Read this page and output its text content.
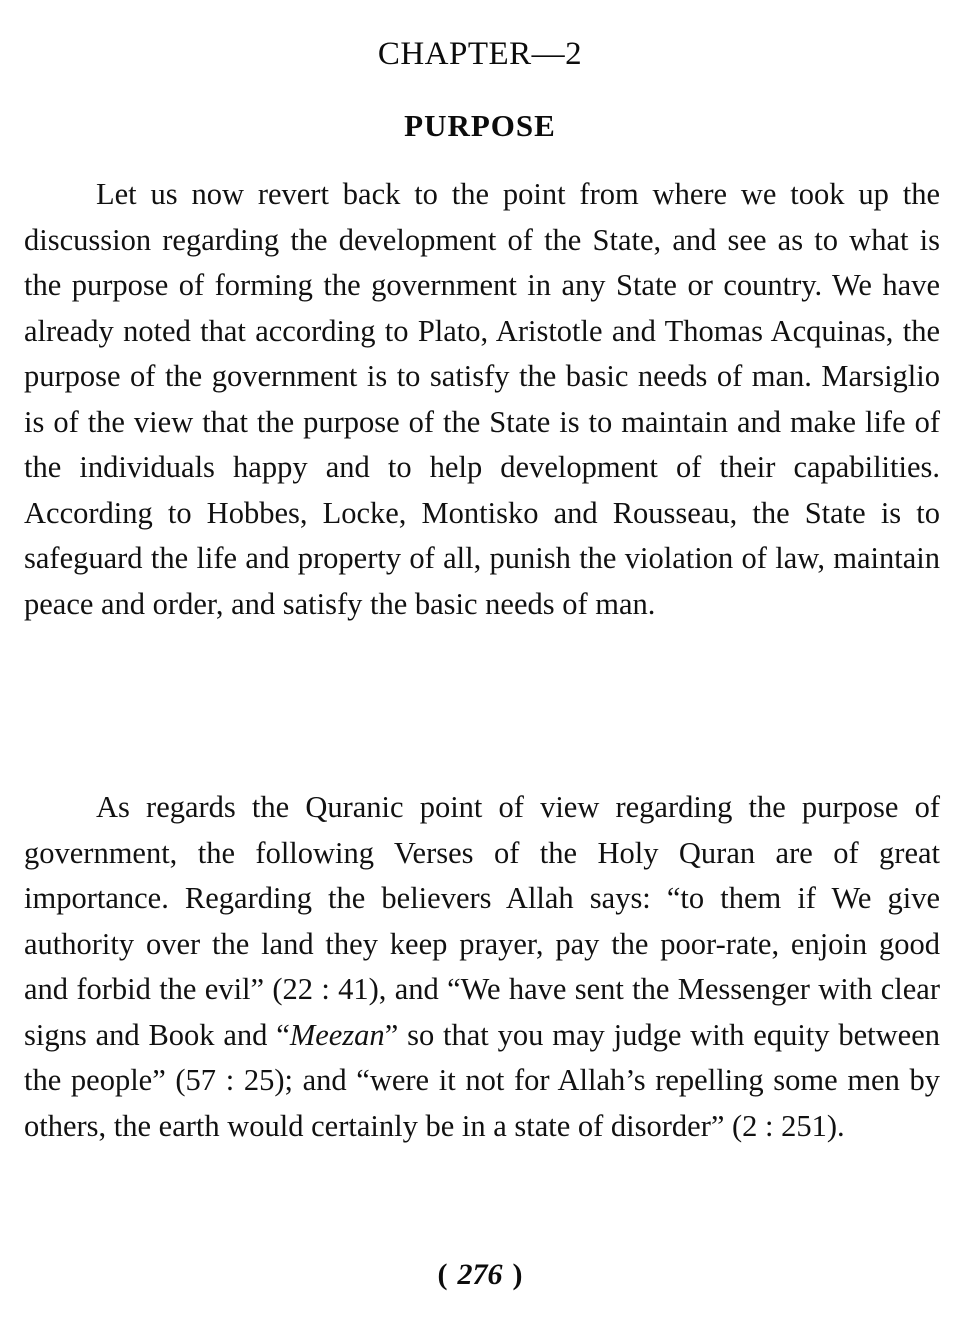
CHAPTER—2
PURPOSE

Let us now revert back to the point from where we took up the discussion regarding the development of the State, and see as to what is the purpose of forming the government in any State or country. We have already noted that according to Plato, Aristotle and Thomas Acquinas, the purpose of the government is to satisfy the basic needs of man. Marsiglio is of the view that the purpose of the State is to maintain and make life of the individuals happy and to help development of their capabilities. According to Hobbes, Locke, Montisko and Rousseau, the State is to safeguard the life and property of all, punish the violation of law, maintain peace and order, and satisfy the basic needs of man.

As regards the Quranic point of view regarding the purpose of government, the following Verses of the Holy Quran are of great importance. Regarding the believers Allah says: “to them if We give authority over the land they keep prayer, pay the poor-rate, enjoin good and forbid the evil” (22 : 41), and “We have sent the Messenger with clear signs and Book and “Meezan” so that you may judge with equity between the people” (57 : 25); and “were it not for Allah’s repelling some men by others, the earth would certainly be in a state of disorder” (2 : 251).

( 276 )
